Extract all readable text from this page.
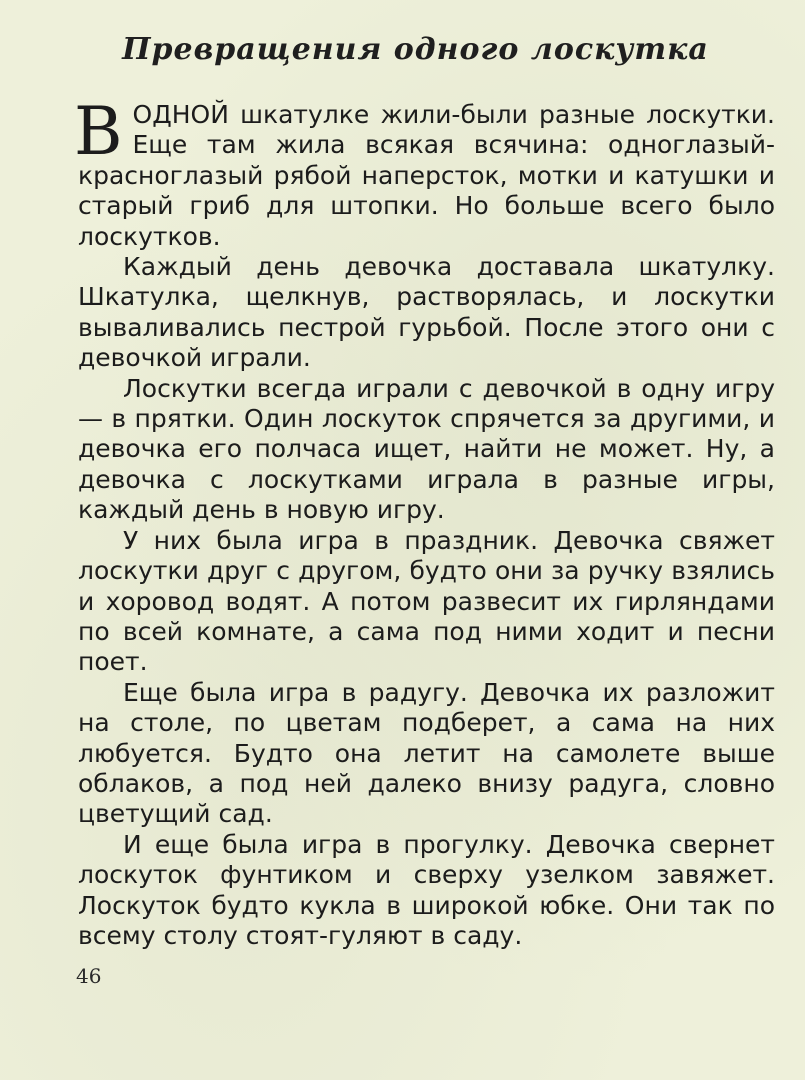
Превращения одного лоскутка

ВОДНОЙ шкатулке жили-были разные лоскутки. Еще там жила всякая всячина: одноглазый-красноглазый рябой наперсток, мотки и катушки и старый гриб для штопки. Но больше всего было лоскутков.

Каждый день девочка доставала шкатулку. Шкатулка, щелкнув, растворялась, и лоскутки вываливались пестрой гурьбой. После этого они с девочкой играли.

Лоскутки всегда играли с девочкой в одну игру — в прятки. Один лоскуток спрячется за другими, и девочка его полчаса ищет, найти не может. Ну, а девочка с лоскутками играла в разные игры, каждый день в новую игру.

У них была игра в праздник. Девочка свяжет лоскутки друг с другом, будто они за ручку взялись и хоровод водят. А потом развесит их гирляндами по всей комнате, а сама под ними ходит и песни поет.

Еще была игра в радугу. Девочка их разложит на столе, по цветам подберет, а сама на них любуется. Будто она летит на самолете выше облаков, а под ней далеко внизу радуга, словно цветущий сад.

И еще была игра в прогулку. Девочка свернет лоскуток фунтиком и сверху узелком завяжет. Лоскуток будто кукла в широкой юбке. Они так по всему столу стоят-гуляют в саду.

46
